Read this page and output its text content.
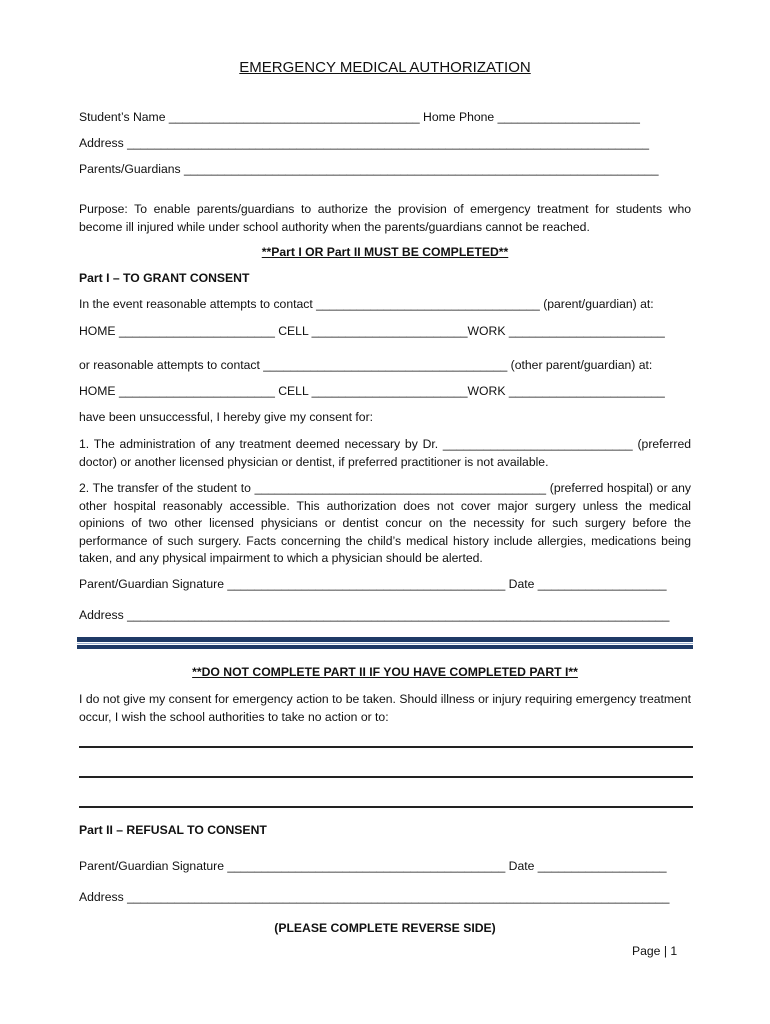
EMERGENCY MEDICAL AUTHORIZATION
Student’s Name _____________________________________ Home Phone _____________________
Address _____________________________________________________________________________
Parents/Guardians ______________________________________________________________________
Purpose: To enable parents/guardians to authorize the provision of emergency treatment for students who become ill injured while under school authority when the parents/guardians cannot be reached.
**Part I OR Part II MUST BE COMPLETED**
Part I – TO GRANT CONSENT
In the event reasonable attempts to contact _________________________________ (parent/guardian) at:
HOME _______________________ CELL _______________________WORK _______________________
or reasonable attempts to contact ____________________________________ (other parent/guardian) at:
HOME _______________________ CELL _______________________WORK _______________________
have been unsuccessful, I hereby give my consent for:
1. The administration of any treatment deemed necessary by Dr. ____________________________ (preferred doctor) or another licensed physician or dentist, if preferred practitioner is not available.
2. The transfer of the student to ___________________________________________ (preferred hospital) or any other hospital reasonably accessible. This authorization does not cover major surgery unless the medical opinions of two other licensed physicians or dentist concur on the necessity for such surgery before the performance of such surgery. Facts concerning the child’s medical history include allergies, medications being taken, and any physical impairment to which a physician should be alerted.
Parent/Guardian Signature _________________________________________ Date ___________________
Address ________________________________________________________________________________
**DO NOT COMPLETE PART II IF YOU HAVE COMPLETED PART I**
I do not give my consent for emergency action to be taken. Should illness or injury requiring emergency treatment occur, I wish the school authorities to take no action or to:
Part II – REFUSAL TO CONSENT
Parent/Guardian Signature _________________________________________ Date ___________________
Address ________________________________________________________________________________
(PLEASE COMPLETE REVERSE SIDE)
Page | 1
